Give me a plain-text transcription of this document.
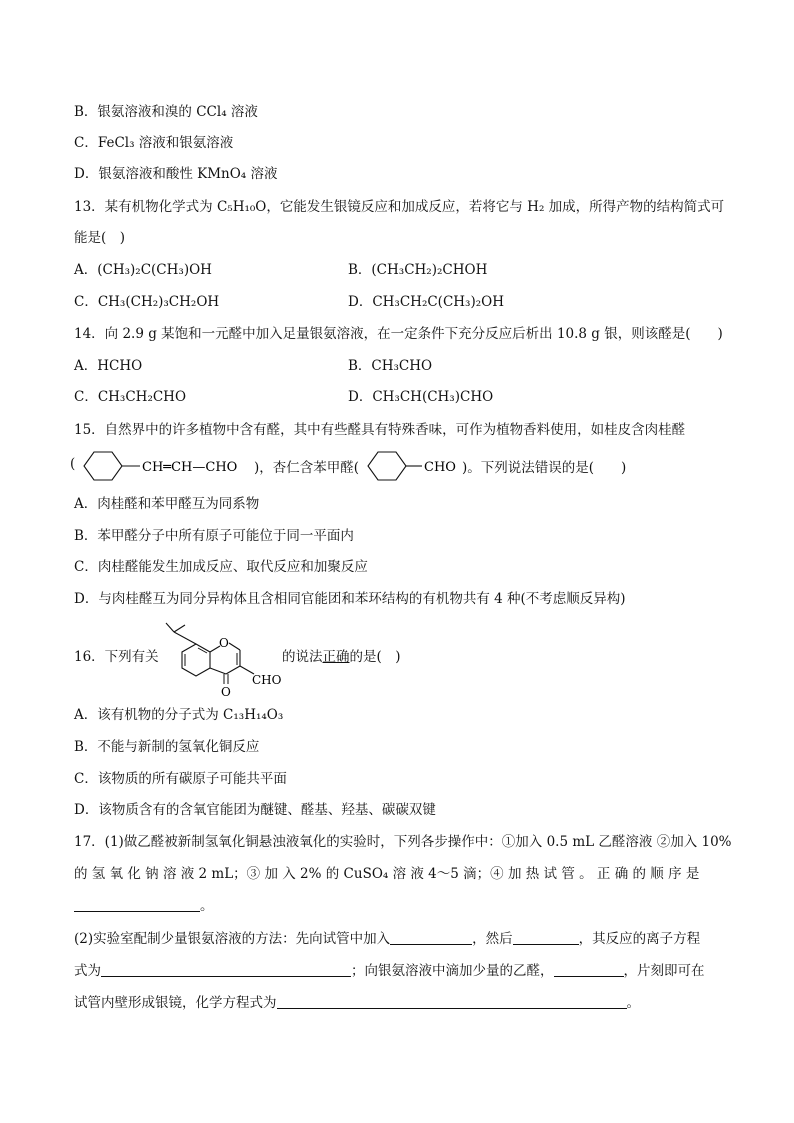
B．银氨溶液和溴的 CCl₄ 溶液
C．FeCl₃ 溶液和银氨溶液
D．银氨溶液和酸性 KMnO₄ 溶液
13．某有机物化学式为 C₅H₁₀O，它能发生银镜反应和加成反应，若将它与 H₂ 加成，所得产物的结构简式可
能是(　)
A．(CH₃)₂C(CH₃)OH	B．(CH₃CH₂)₂CHOH
C．CH₃(CH₂)₃CH₂OH	D．CH₃CH₂C(CH₃)₂OH
14．向 2.9 g 某饱和一元醛中加入足量银氨溶液，在一定条件下充分反应后析出 10.8 g 银，则该醛是(　　)
A．HCHO	B．CH₃CHO
C．CH₃CH₂CHO	D．CH₃CH(CH₃)CHO
15．自然界中的许多植物中含有醛，其中有些醛具有特殊香味，可作为植物香料使用，如桂皮含肉桂醛
(	CH═CH—CHO )，杏仁含苯甲醛(	CHO )。下列说法错误的是(　　)
A．肉桂醛和苯甲醛互为同系物
B．苯甲醛分子中所有原子可能位于同一平面内
C．肉桂醛能发生加成反应、取代反应和加聚反应
D．与肉桂醛互为同分异构体且含相同官能团和苯环结构的有机物共有 4 种(不考虑顺反异构)
16．下列有关
O
O
CHO
的说法正确的是(　)
A．该有机物的分子式为 C₁₃H₁₄O₃
B．不能与新制的氢氧化铜反应
C．该物质的所有碳原子可能共平面
D．该物质含有的含氧官能团为醚键、醛基、羟基、碳碳双键
17．(1)做乙醛被新制氢氧化铜悬浊液氧化的实验时，下列各步操作中：①加入 0.5 mL 乙醛溶液 ②加入 10%
的 氢 氧 化 钠 溶 液 2 mL；③ 加 入 2% 的 CuSO₄ 溶 液 4～5 滴；④ 加 热 试 管 。 正 确 的 顺 序 是
。
(2)实验室配制少量银氨溶液的方法：先向试管中加入	，然后	，其反应的离子方程
式为	；向银氨溶液中滴加少量的乙醛，	，片刻即可在
试管内壁形成银镜，化学方程式为	。
